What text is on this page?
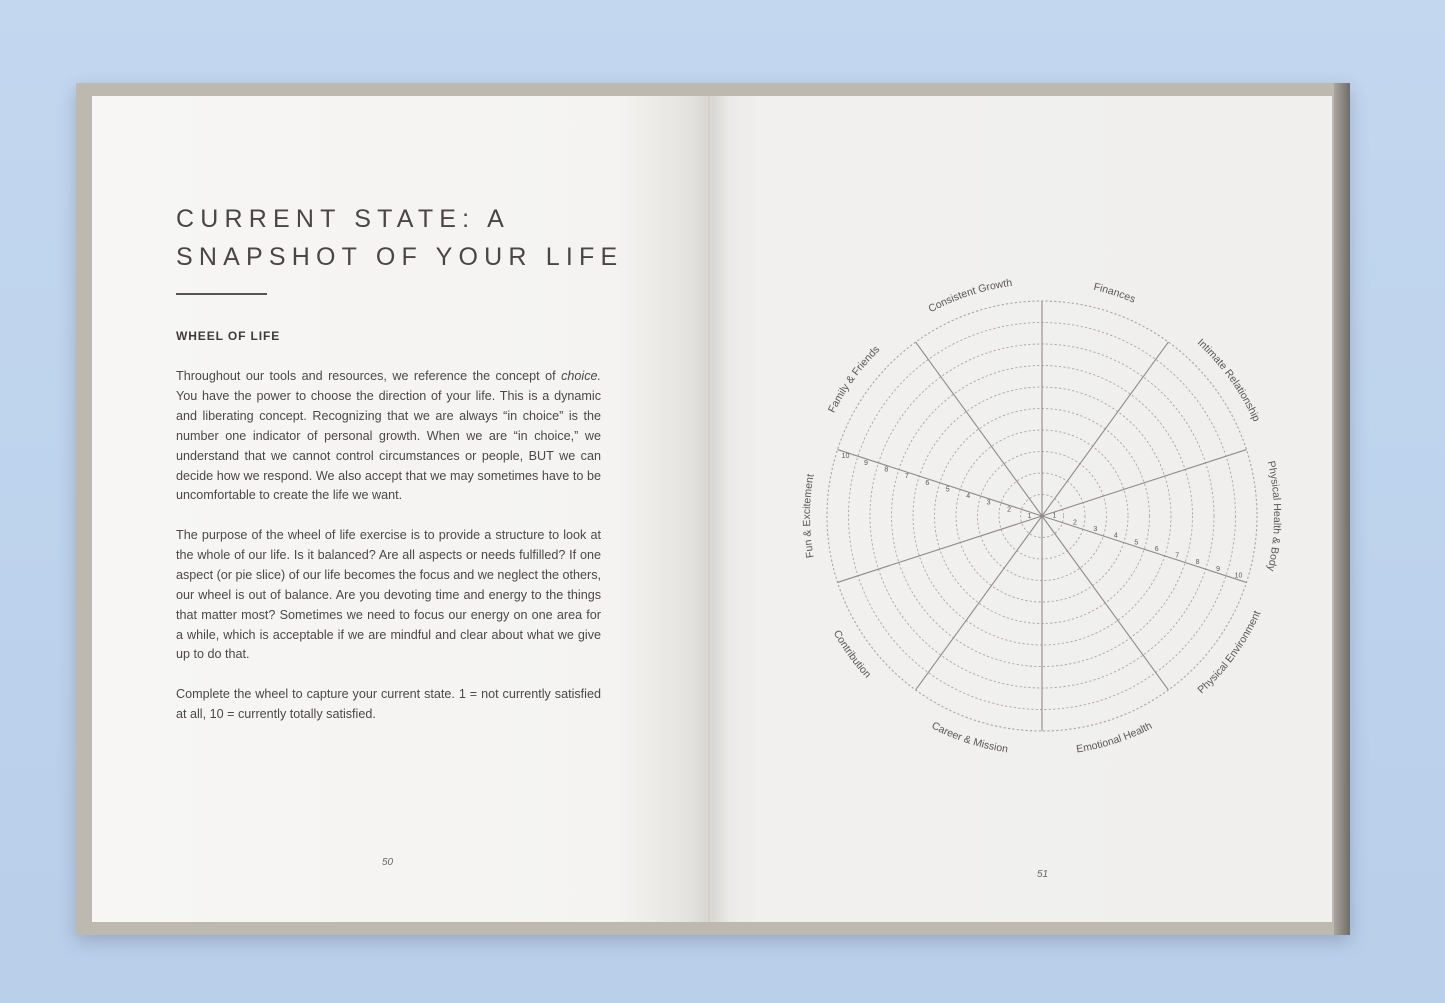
CURRENT STATE: A
SNAPSHOT OF YOUR LIFE
WHEEL OF LIFE

Throughout our tools and resources, we reference the concept of choice. You have the power to choose the direction of your life. This is a dynamic and liberating concept. Recognizing that we are always “in choice” is the number one indicator of personal growth. When we are “in choice,” we understand that we cannot control circumstances or people, BUT we can decide how we respond. We also accept that we may sometimes have to be uncomfortable to create the life we want.

The purpose of the wheel of life exercise is to provide a structure to look at the whole of our life. Is it balanced? Are all aspects or needs fulfilled? If one aspect (or pie slice) of our life becomes the focus and we neglect the others, our wheel is out of balance. Are you devoting time and energy to the things that matter most? Sometimes we need to focus our energy on one area for a while, which is acceptable if we are mindful and clear about what we give up to do that.

Complete the wheel to capture your current state. 1 = not currently satisfied at all, 10 = currently totally satisfied.

50
1
2
3
4
5
6
7
8
9
10
1
2
3
4
5
6
7
8
9
10
Finances
Intimate Relationship
Physical Health & Body
Physical Environment
Emotional Health
Career & Mission
Contribution
Fun & Excitement
Family & Friends
Consistent Growth
51
